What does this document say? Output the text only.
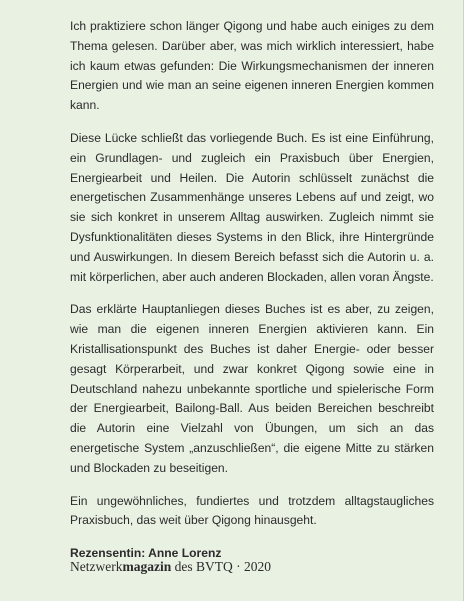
Ich praktiziere schon länger Qigong und habe auch einiges zu dem Thema gelesen. Darüber aber, was mich wirklich interessiert, habe ich kaum etwas gefunden: Die Wirkungsmechanismen der inneren Energien und wie man an seine eigenen inneren Energien kommen kann.

Diese Lücke schließt das vorliegende Buch. Es ist eine Einführung, ein Grundlagen- und zugleich ein Praxisbuch über Energien, Energiearbeit und Heilen. Die Autorin schlüsselt zunächst die energetischen Zusammenhänge unseres Lebens auf und zeigt, wo sie sich konkret in unserem Alltag auswirken. Zugleich nimmt sie Dysfunktionalitäten dieses Systems in den Blick, ihre Hintergründe und Auswirkungen. In diesem Bereich befasst sich die Autorin u. a. mit körperlichen, aber auch anderen Blockaden, allen voran Ängste.

Das erklärte Hauptanliegen dieses Buches ist es aber, zu zeigen, wie man die eigenen inneren Energien aktivieren kann. Ein Kristallisationspunkt des Buches ist daher Energie- oder besser gesagt Körperarbeit, und zwar konkret Qigong sowie eine in Deutschland nahezu unbekannte sportliche und spielerische Form der Energiearbeit, Bailong-Ball. Aus beiden Bereichen beschreibt die Autorin eine Vielzahl von Übungen, um sich an das energetische System „anzuschließen“, die eigene Mitte zu stärken und Blockaden zu beseitigen.

Ein ungewöhnliches, fundiertes und trotzdem alltagstaugliches Praxisbuch, das weit über Qigong hinausgeht.

Rezensentin: Anne Lorenz
Netzwerkmagazin des BVTQ · 2020
